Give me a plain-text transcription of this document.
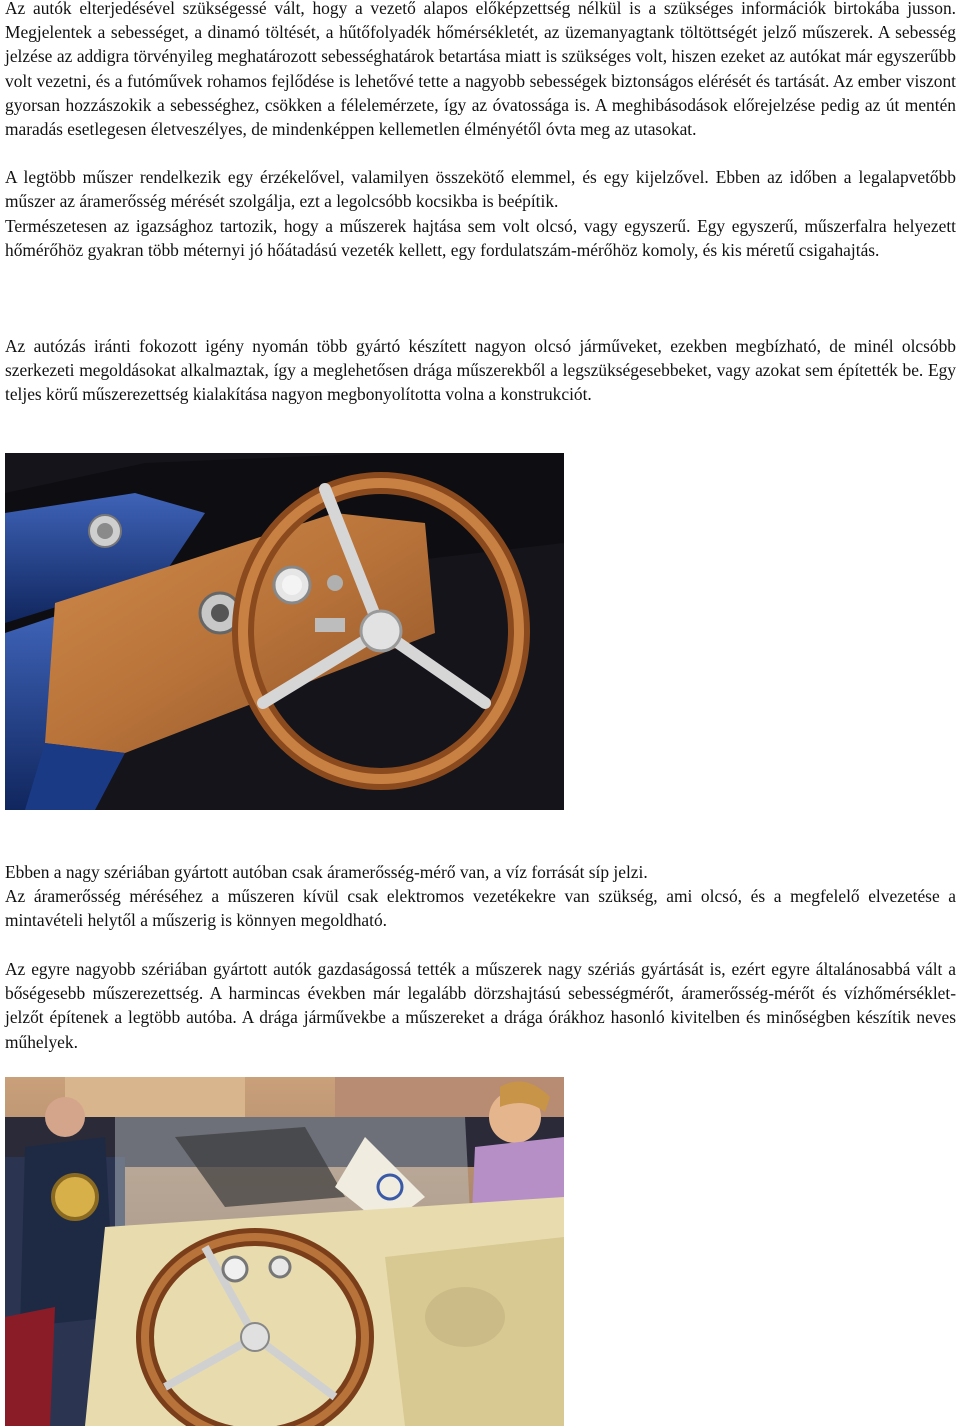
Az autók elterjedésével szükségessé vált, hogy a vezető alapos előképzettség nélkül is a szükséges információk birtokába jusson. Megjelentek a sebességet, a dinamó töltését, a hűtőfolyadék hőmérsékletét, az üzemanyagtank töltöttségét jelző műszerek. A sebesség jelzése az addigra törvényileg meghatározott sebességhatárok betartása miatt is szükséges volt, hiszen ezeket az autókat már egyszerűbb volt vezetni, és a futóművek rohamos fejlődése is lehetővé tette a nagyobb sebességek biztonságos elérését és tartását. Az ember viszont gyorsan hozzászokik a sebességhez, csökken a félelemérzete, így az óvatossága is. A meghibásodások előrejelzése pedig az út mentén maradás esetlegesen életveszélyes, de mindenképpen kellemetlen élményétől óvta meg az utasokat.

A legtöbb műszer rendelkezik egy érzékelővel, valamilyen összekötő elemmel, és egy kijelzővel. Ebben az időben a legalapvetőbb műszer az áramerősség mérését szolgálja, ezt a legolcsóbb kocsikba is beépítik.

Természetesen az igazsághoz tartozik, hogy a műszerek hajtása sem volt olcsó, vagy egyszerű. Egy egyszerű, műszerfalra helyezett hőmérőhöz gyakran több méternyi jó hőátadású vezeték kellett, egy fordulatszám-mérőhöz komoly, és kis méretű csigahajtás.

Az autózás iránti fokozott igény nyomán több gyártó készített nagyon olcsó járműveket, ezekben megbízható, de minél olcsóbb szerkezeti megoldásokat alkalmaztak, így a meglehetősen drága műszerekből a legszükségesebbeket, vagy azokat sem építették be. Egy teljes körű műszerezettség kialakítása nagyon megbonyolította volna a konstrukciót.

Ebben a nagy szériában gyártott autóban csak áramerősség-mérő van, a víz forrását síp jelzi.

Az áramerősség méréséhez a műszeren kívül csak elektromos vezetékekre van szükség, ami olcsó, és a megfelelő elvezetése a mintavételi helytől a műszerig is könnyen megoldható.

Az egyre nagyobb szériában gyártott autók gazdaságossá tették a műszerek nagy szériás gyártását is, ezért egyre általánosabbá vált a bőségesebb műszerezettség. A harmincas években már legalább dörzshajtású sebességmérőt, áramerősség-mérőt és vízhőmérséklet-jelzőt építenek a legtöbb autóba. A drága járművekbe a műszereket a drága órákhoz hasonló kivitelben és minőségben készítik neves műhelyek.
